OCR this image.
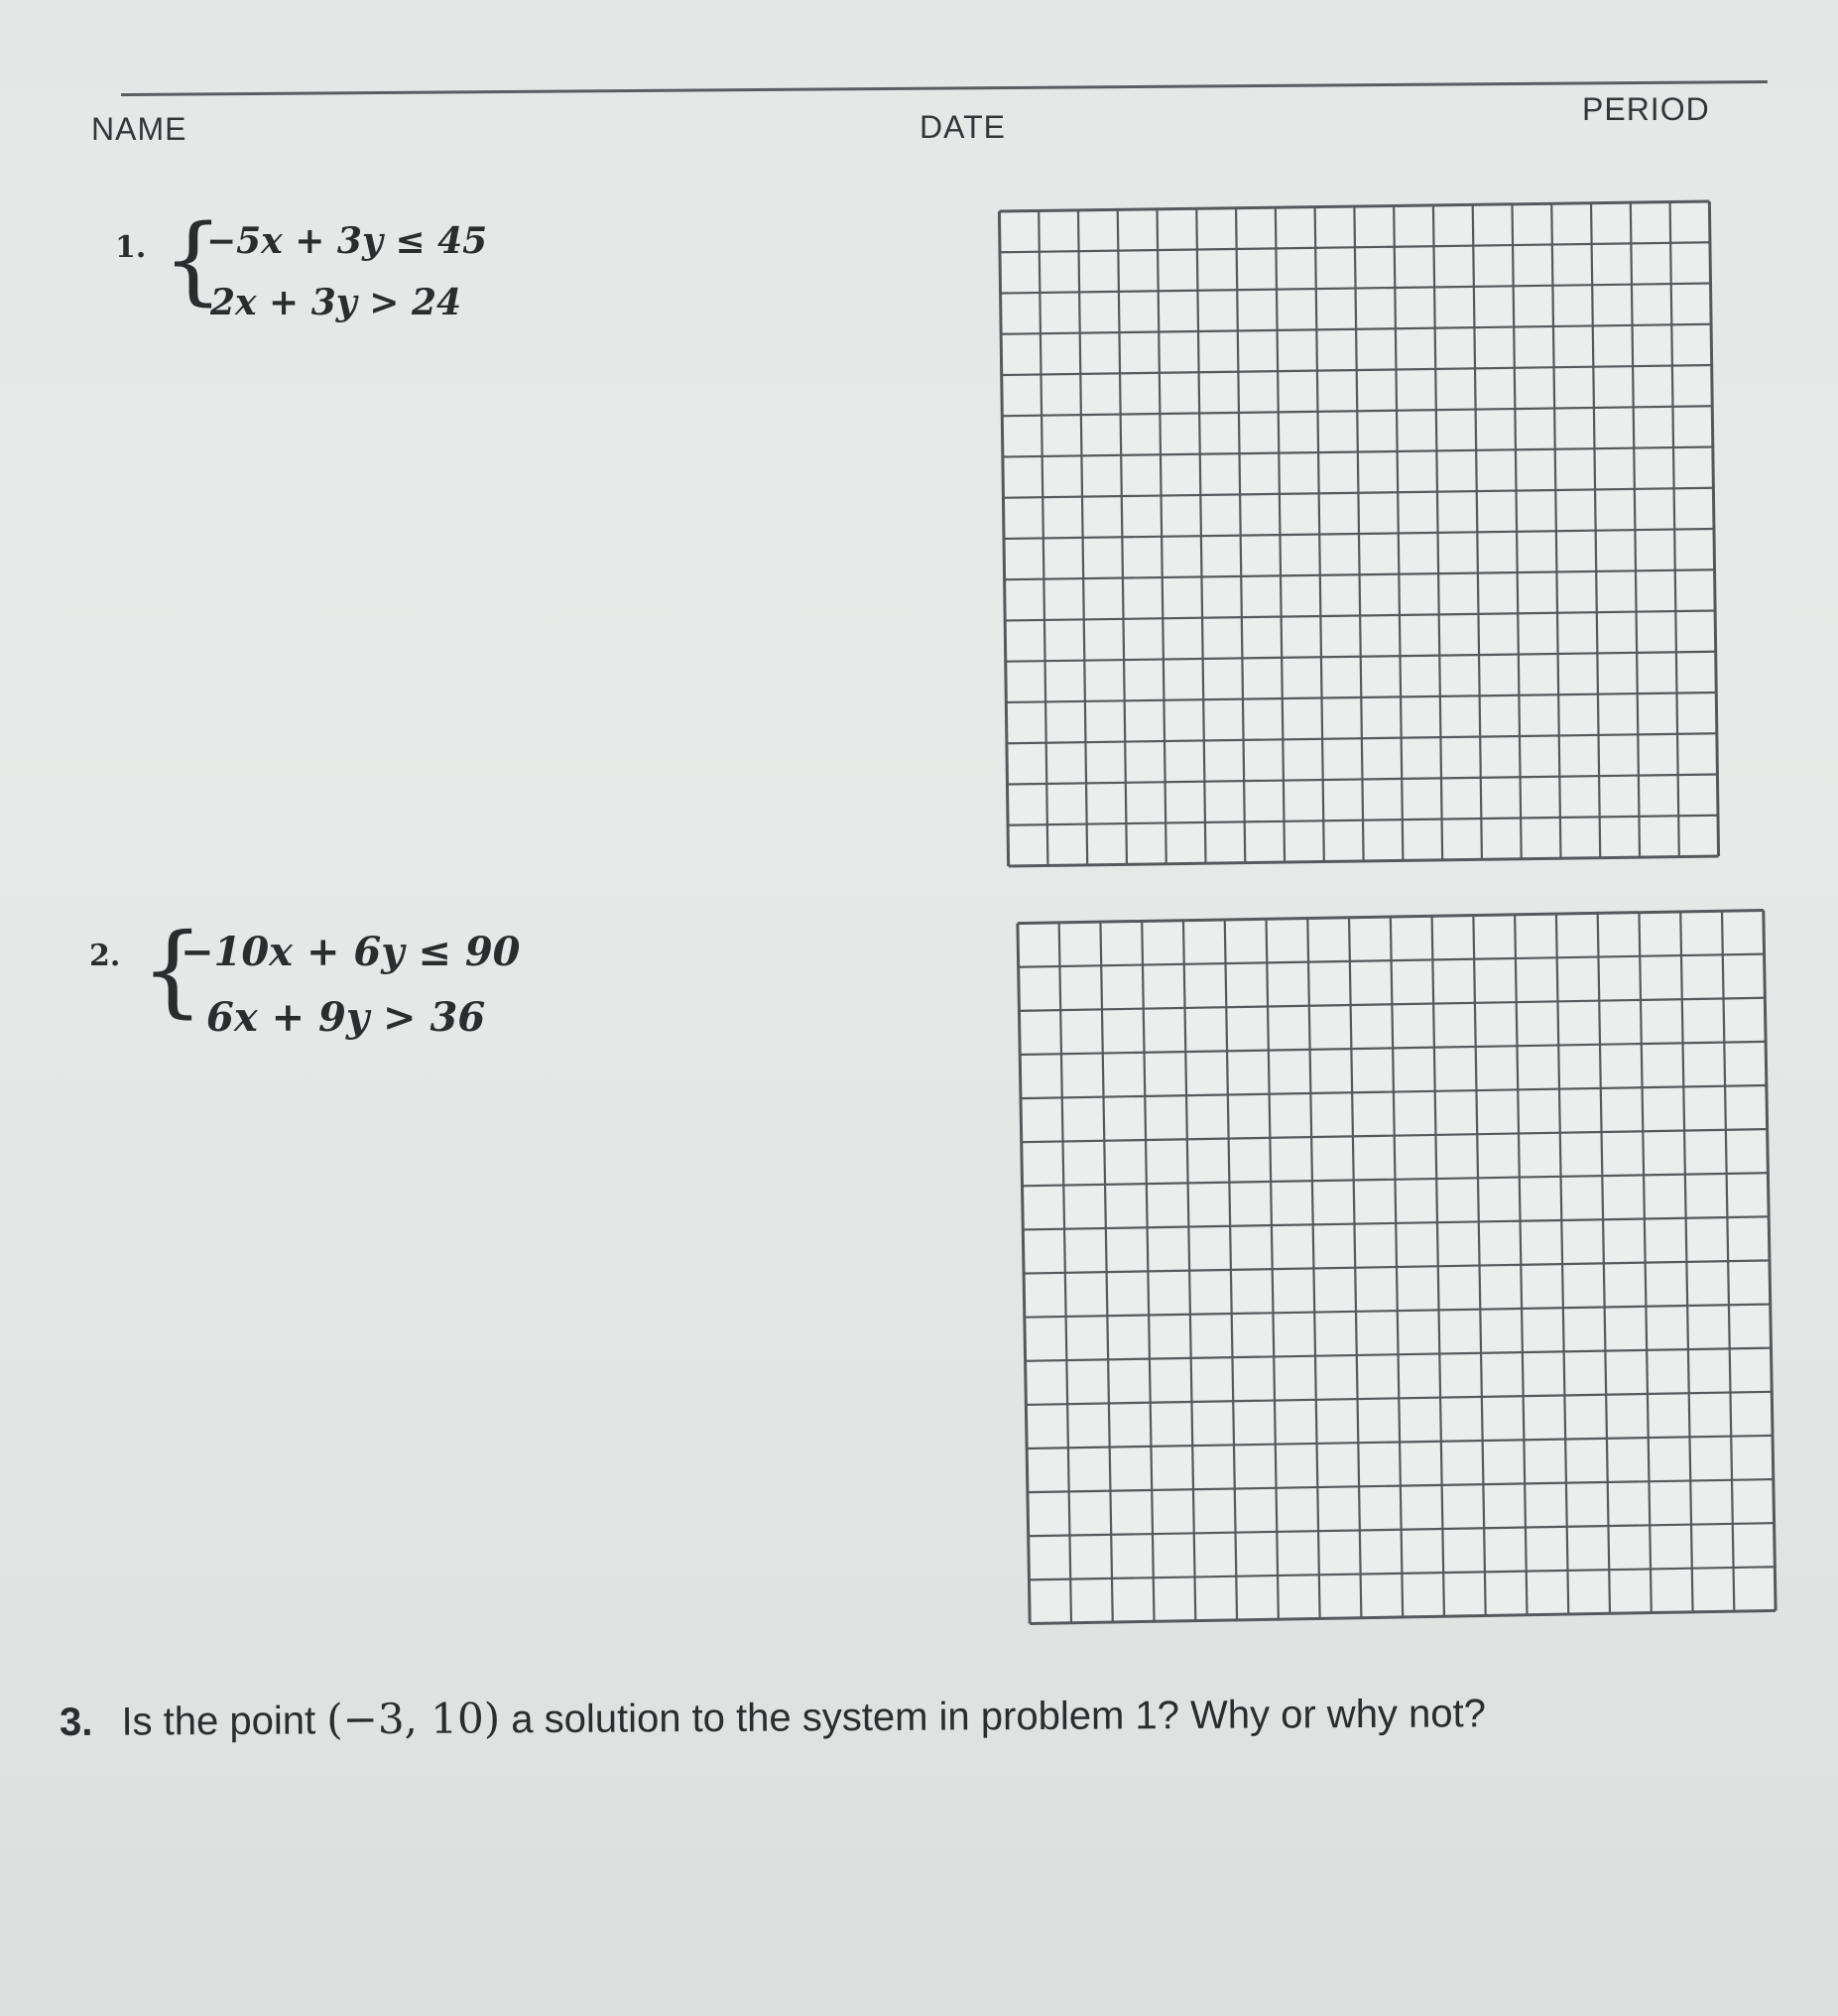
NAME	DATE	PERIOD
1. {
−5x + 3y ≤ 45
2x + 3y > 24
2. {
−10x + 6y ≤ 90
6x + 9y > 36
3. Is the point (−3, 10) a solution to the system in problem 1? Why or why not?
